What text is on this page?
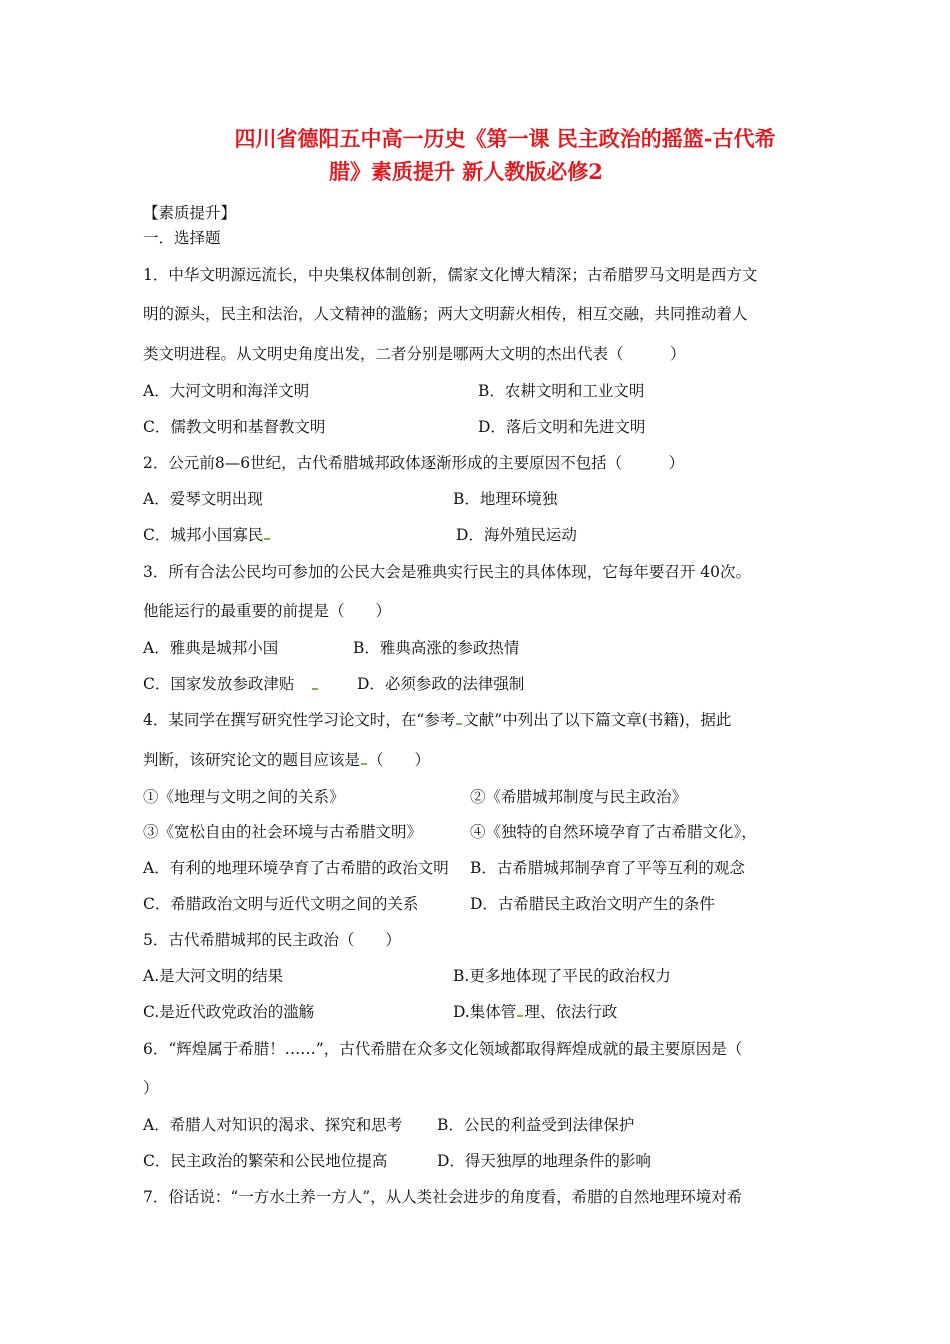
四川省德阳五中高一历史《第一课 民主政治的摇篮-古代希
腊》素质提升 新人教版必修2
【素质提升】
一．选择题
1．中华文明源远流长，中央集权体制创新，儒家文化博大精深；古希腊罗马文明是西方文
明的源头，民主和法治，人文精神的滥觞；两大文明薪火相传，相互交融，共同推动着人
类文明进程。从文明史角度出发，二者分别是哪两大文明的杰出代表（　　　）
A．大河文明和海洋文明	B．农耕文明和工业文明
C．儒教文明和基督教文明	D．落后文明和先进文明
2．公元前8—6世纪，古代希腊城邦政体逐渐形成的主要原因不包括（　　　）
A．爱琴文明出现	B．地理环境独
C．城邦小国寡民	D．海外殖民运动
3．所有合法公民均可参加的公民大会是雅典实行民主的具体体现，它每年要召开 40次。
他能运行的最重要的前提是（　　）
A．雅典是城邦小国	B．雅典高涨的参政热情
C．国家发放参政津贴	D．必须参政的法律强制
4．某同学在撰写研究性学习论文时，在“参考 文献”中列出了以下篇文章(书籍)，据此
判断，该研究论文的题目应该是 （　　）
①《地理与文明之间的关系》	②《希腊城邦制度与民主政治》
③《宽松自由的社会环境与古希腊文明》	④《独特的自然环境孕育了古希腊文化》，
A．有利的地理环境孕育了古希腊的政治文明 B．古希腊城邦制孕育了平等互利的观念
C．希腊政治文明与近代文明之间的关系	D．古希腊民主政治文明产生的条件
5．古代希腊城邦的民主政治（　　）
A.是大河文明的结果	B.更多地体现了平民的政治权力
C.是近代政党政治的滥觞	D.集体管 理、依法行政
6．“辉煌属于希腊！……”，古代希腊在众多文化领域都取得辉煌成就的最主要原因是（
）
A．希腊人对知识的渴求、探究和思考 B．公民的利益受到法律保护
C．民主政治的繁荣和公民地位提高	D．得天独厚的地理条件的影响
7．俗话说：“一方水土养一方人”，从人类社会进步的角度看，希腊的自然地理环境对希
